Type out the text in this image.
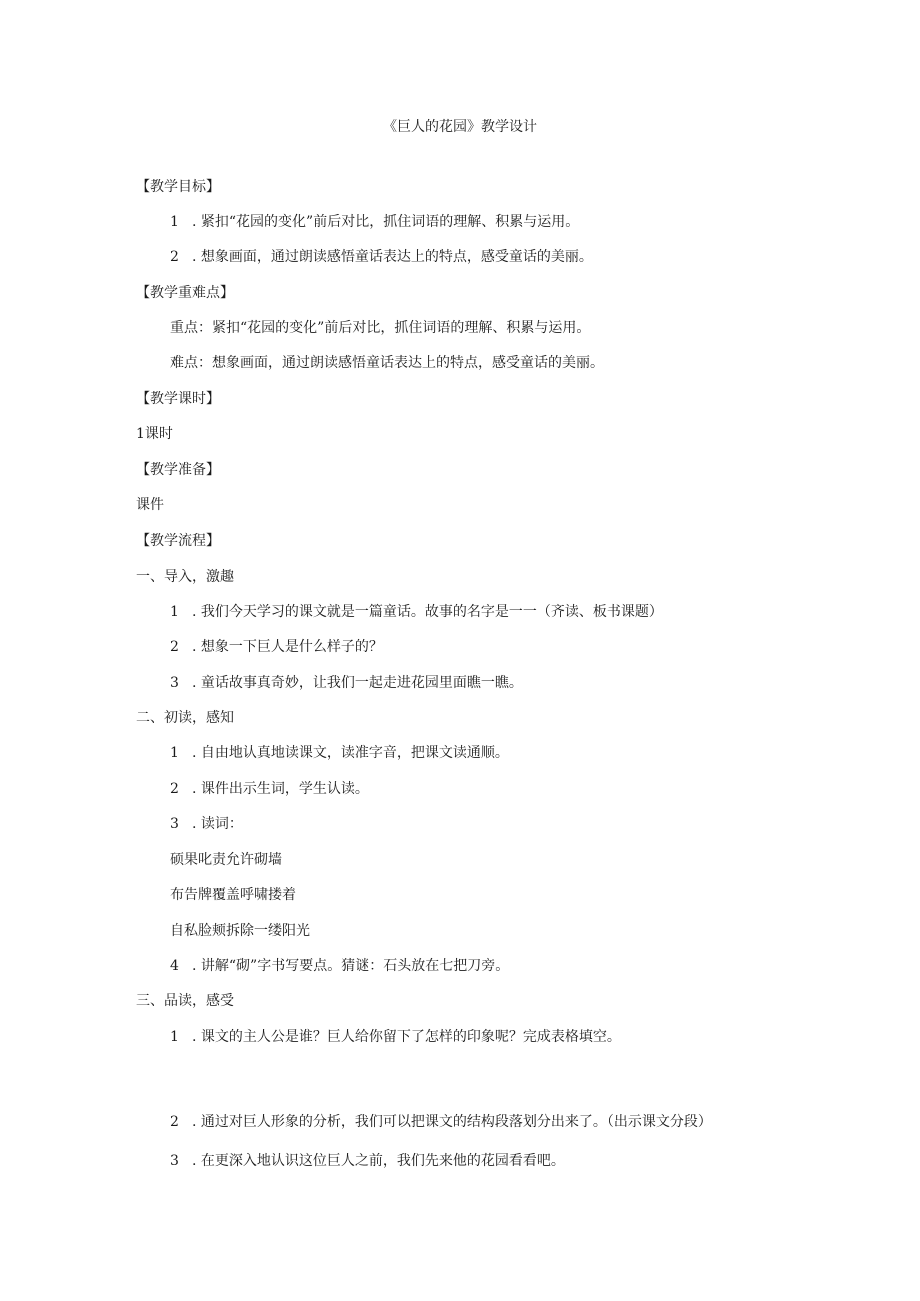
《巨人的花园》教学设计
【教学目标】
1 . 紧扣“花园的变化”前后对比，抓住词语的理解、积累与运用。
2 . 想象画面，通过朗读感悟童话表达上的特点，感受童话的美丽。
【教学重难点】
重点：紧扣“花园的变化”前后对比，抓住词语的理解、积累与运用。
难点：想象画面，通过朗读感悟童话表达上的特点，感受童话的美丽。
【教学课时】
1课时
【教学准备】
课件
【教学流程】
一、导入，激趣
1 . 我们今天学习的课文就是一篇童话。故事的名字是一一（齐读、板书课题）
2 . 想象一下巨人是什么样子的？
3 . 童话故事真奇妙，让我们一起走进花园里面瞧一瞧。
二、初读，感知
1 . 自由地认真地读课文，读准字音，把课文读通顺。
2 . 课件出示生词，学生认读。
3 . 读词：
硕果叱责允许砌墙
布告牌覆盖呼啸搂着
自私脸颊拆除一缕阳光
4 . 讲解“砌”字书写要点。猜谜：石头放在七把刀旁。
三、品读，感受
1 . 课文的主人公是谁？巨人给你留下了怎样的印象呢？完成表格填空。
2 . 通过对巨人形象的分析，我们可以把课文的结构段落划分出来了。（出示课文分段）
3 . 在更深入地认识这位巨人之前，我们先来他的花园看看吧。
